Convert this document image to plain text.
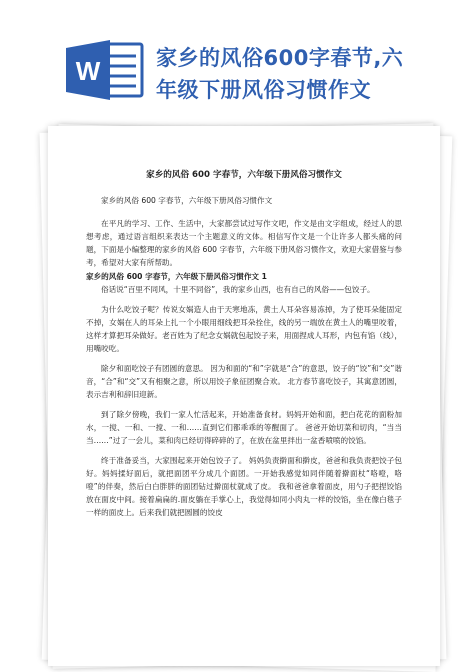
W	家乡的风俗600字春节,六
年级下册风俗习惯作文
家乡的风俗 600 字春节，六年级下册风俗习惯作文

家乡的风俗 600 字春节，六年级下册风俗习惯作文

在平凡的学习、工作、生活中，大家都尝试过写作文吧，作文是由文字组成，经过人的思想考虑，通过语言组织来表达一个主题意义的文体。相信写作文是一个让许多人都头痛的问题，下面是小编整理的家乡的风俗 600 字春节，六年级下册风俗习惯作文，欢迎大家借鉴与参考，希望对大家有所帮助。

家乡的风俗 600 字春节，六年级下册风俗习惯作文 1

俗话说“百里不同风，十里不同俗”，我的家乡山西，也有自己的风俗——包饺子。

为什么吃饺子呢？传说女娲造人由于天寒地冻，黄土人耳朵容易冻掉，为了使耳朵能固定不掉，女娲在人的耳朵上扎一个小眼用细线把耳朵拴住，线的另一端放在黄土人的嘴里咬着，这样才算把耳朵做好。老百姓为了纪念女娲就包起饺子来，用面捏成人耳形，内包有馅（线），用嘴咬吃。

除夕和面吃饺子有团圆的意思。 因为和面的“和”字就是“合”的意思，饺子的“饺”和“交”谐音，“合”和“交”又有相聚之意，所以用饺子象征团聚合欢。 北方春节喜吃饺子，其寓意团圆，表示吉利和辞旧迎新。

到了除夕傍晚，我们一家人忙活起来，开始准备食材。妈妈开始和面，把白花花的面粉加水，一搅、一和、一搅、一和……直到它们都乖乖的等醒面了。 爸爸开始切菜和切肉，“当当当……”过了一会儿，菜和肉已经切得碎碎的了，在放在盆里拌出一盆香喷喷的饺馅。

终于准备妥当，大家围起来开始包饺子了。 妈妈负责擀面和擀皮，爸爸和我负责把饺子包好。妈妈揉好面后，就把面团平分成几个面团。一开始我感觉如同伴随着擀面杖“咯噔，咯噔”的伴奏，然后白白胖胖的面团钻过擀面杖就成了皮。 我和爸爸拿着面皮，用勺子把捏饺馅放在面皮中间。接着扁扁的.面皮躺在手掌心上，我觉得如同小肉丸一样的饺馅，坐在像白毯子一样的面皮上。后来我们就把圆圆的饺皮
